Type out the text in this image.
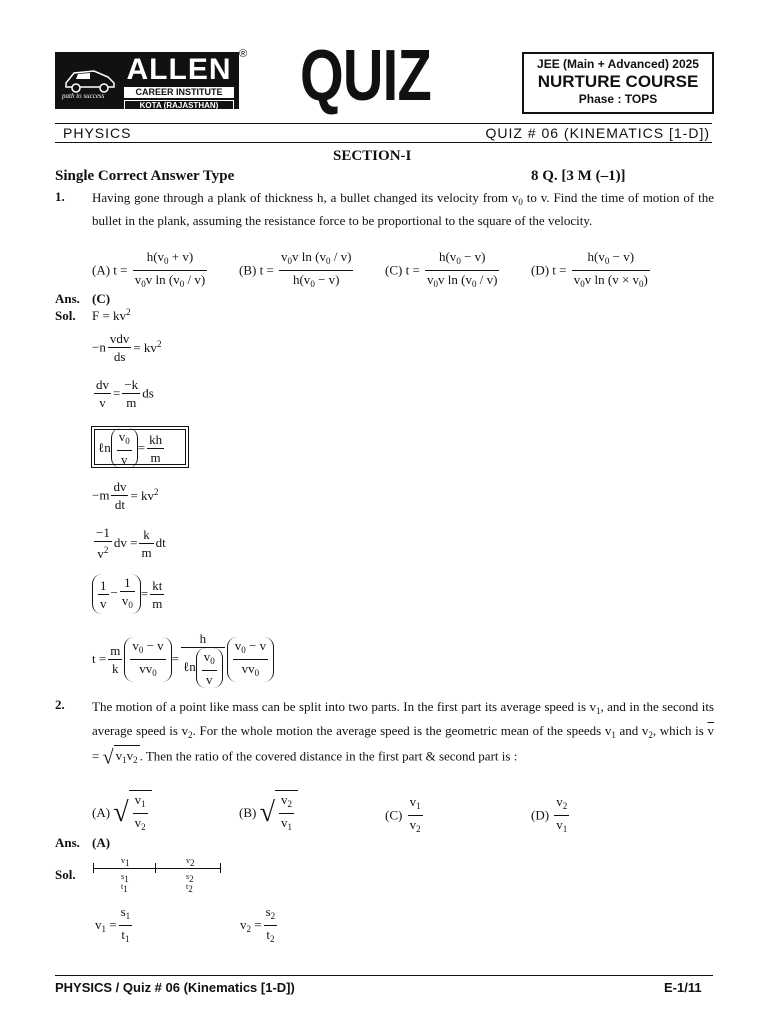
path to success
ALLEN
CAREER INSTITUTE
KOTA (RAJASTHAN)
® QUIZ	JEE (Main + Advanced) 2025
NURTURE COURSE
Phase : TOPS
PHYSICS	QUIZ # 06 (KINEMATICS [1-D])
SECTION-I
Single Correct Answer Type	8 Q. [3 M (–1)]
1. Having gone through a plank of thickness h, a bullet changed its velocity from $v_0$ to v. Find the time of motion of the bullet in the plank, assuming the resistance force to be proportional to the square of the velocity.
(A) $t = \frac{h(v_0 + v)}{v_0v \ln (v_0 / v)} (B) t = \frac{v_0v \ln (v_0 / v)}{h(v_0 - v)} (C) t = \frac{h(v_0 - v)}{v_0v \ln (v_0 / v)} (D) t = \frac{h(v_0 - v)}{v_0v \ln (v \times v_0)}$
Ans. (C)
Sol. $F = kv^2$
−n
vdv
ds
= $kv^2$
$\frac{dv}{v} = \frac{-k}{m}$ ds
ℓn $\frac{v_0}{v} = \frac{kh}{m}$
$-m \frac{dv}{dt} = kv^2$
$\frac{-1}{v^2}$ dv = $\frac{k}{m}$ dt
$\frac{1}{v} - \frac{1}{v_0} = \frac{kt}{m}$
$t = \frac{m}{k} \frac{v_0 - v}{vv_0}$ =
h
ℓn $\frac{v_0}{v} \frac{v_0 - v}{vv_0}$
2. The motion of a point like mass can be split into two parts. In the first part its average speed is $v_1$, and in the second its average speed is $v_2$. For the whole motion the average speed is the geometric mean of the speeds $v_1$ and $v_2$, which is $\overline{v}$ = √ $v_1v_2$ . Then the ratio of the covered distance in the first part & second part is :
(A) √ $\frac{v_1}{v_2}$	(B) √ $\frac{v_2}{v_1}$	$(C) \frac{v_1}{v_2}$	$(D) \frac{v_2}{v_1}$
Ans. (A)
Sol.
$v_1$	$v_2$
$s_1$
$t_1$
$s_2$
$t_2$
$v_1 = \frac{s_1}{t_1}$	$v_2 = \frac{s_2}{t_2}$
PHYSICS / Quiz # 06 (Kinematics [1-D])	E-1/11
